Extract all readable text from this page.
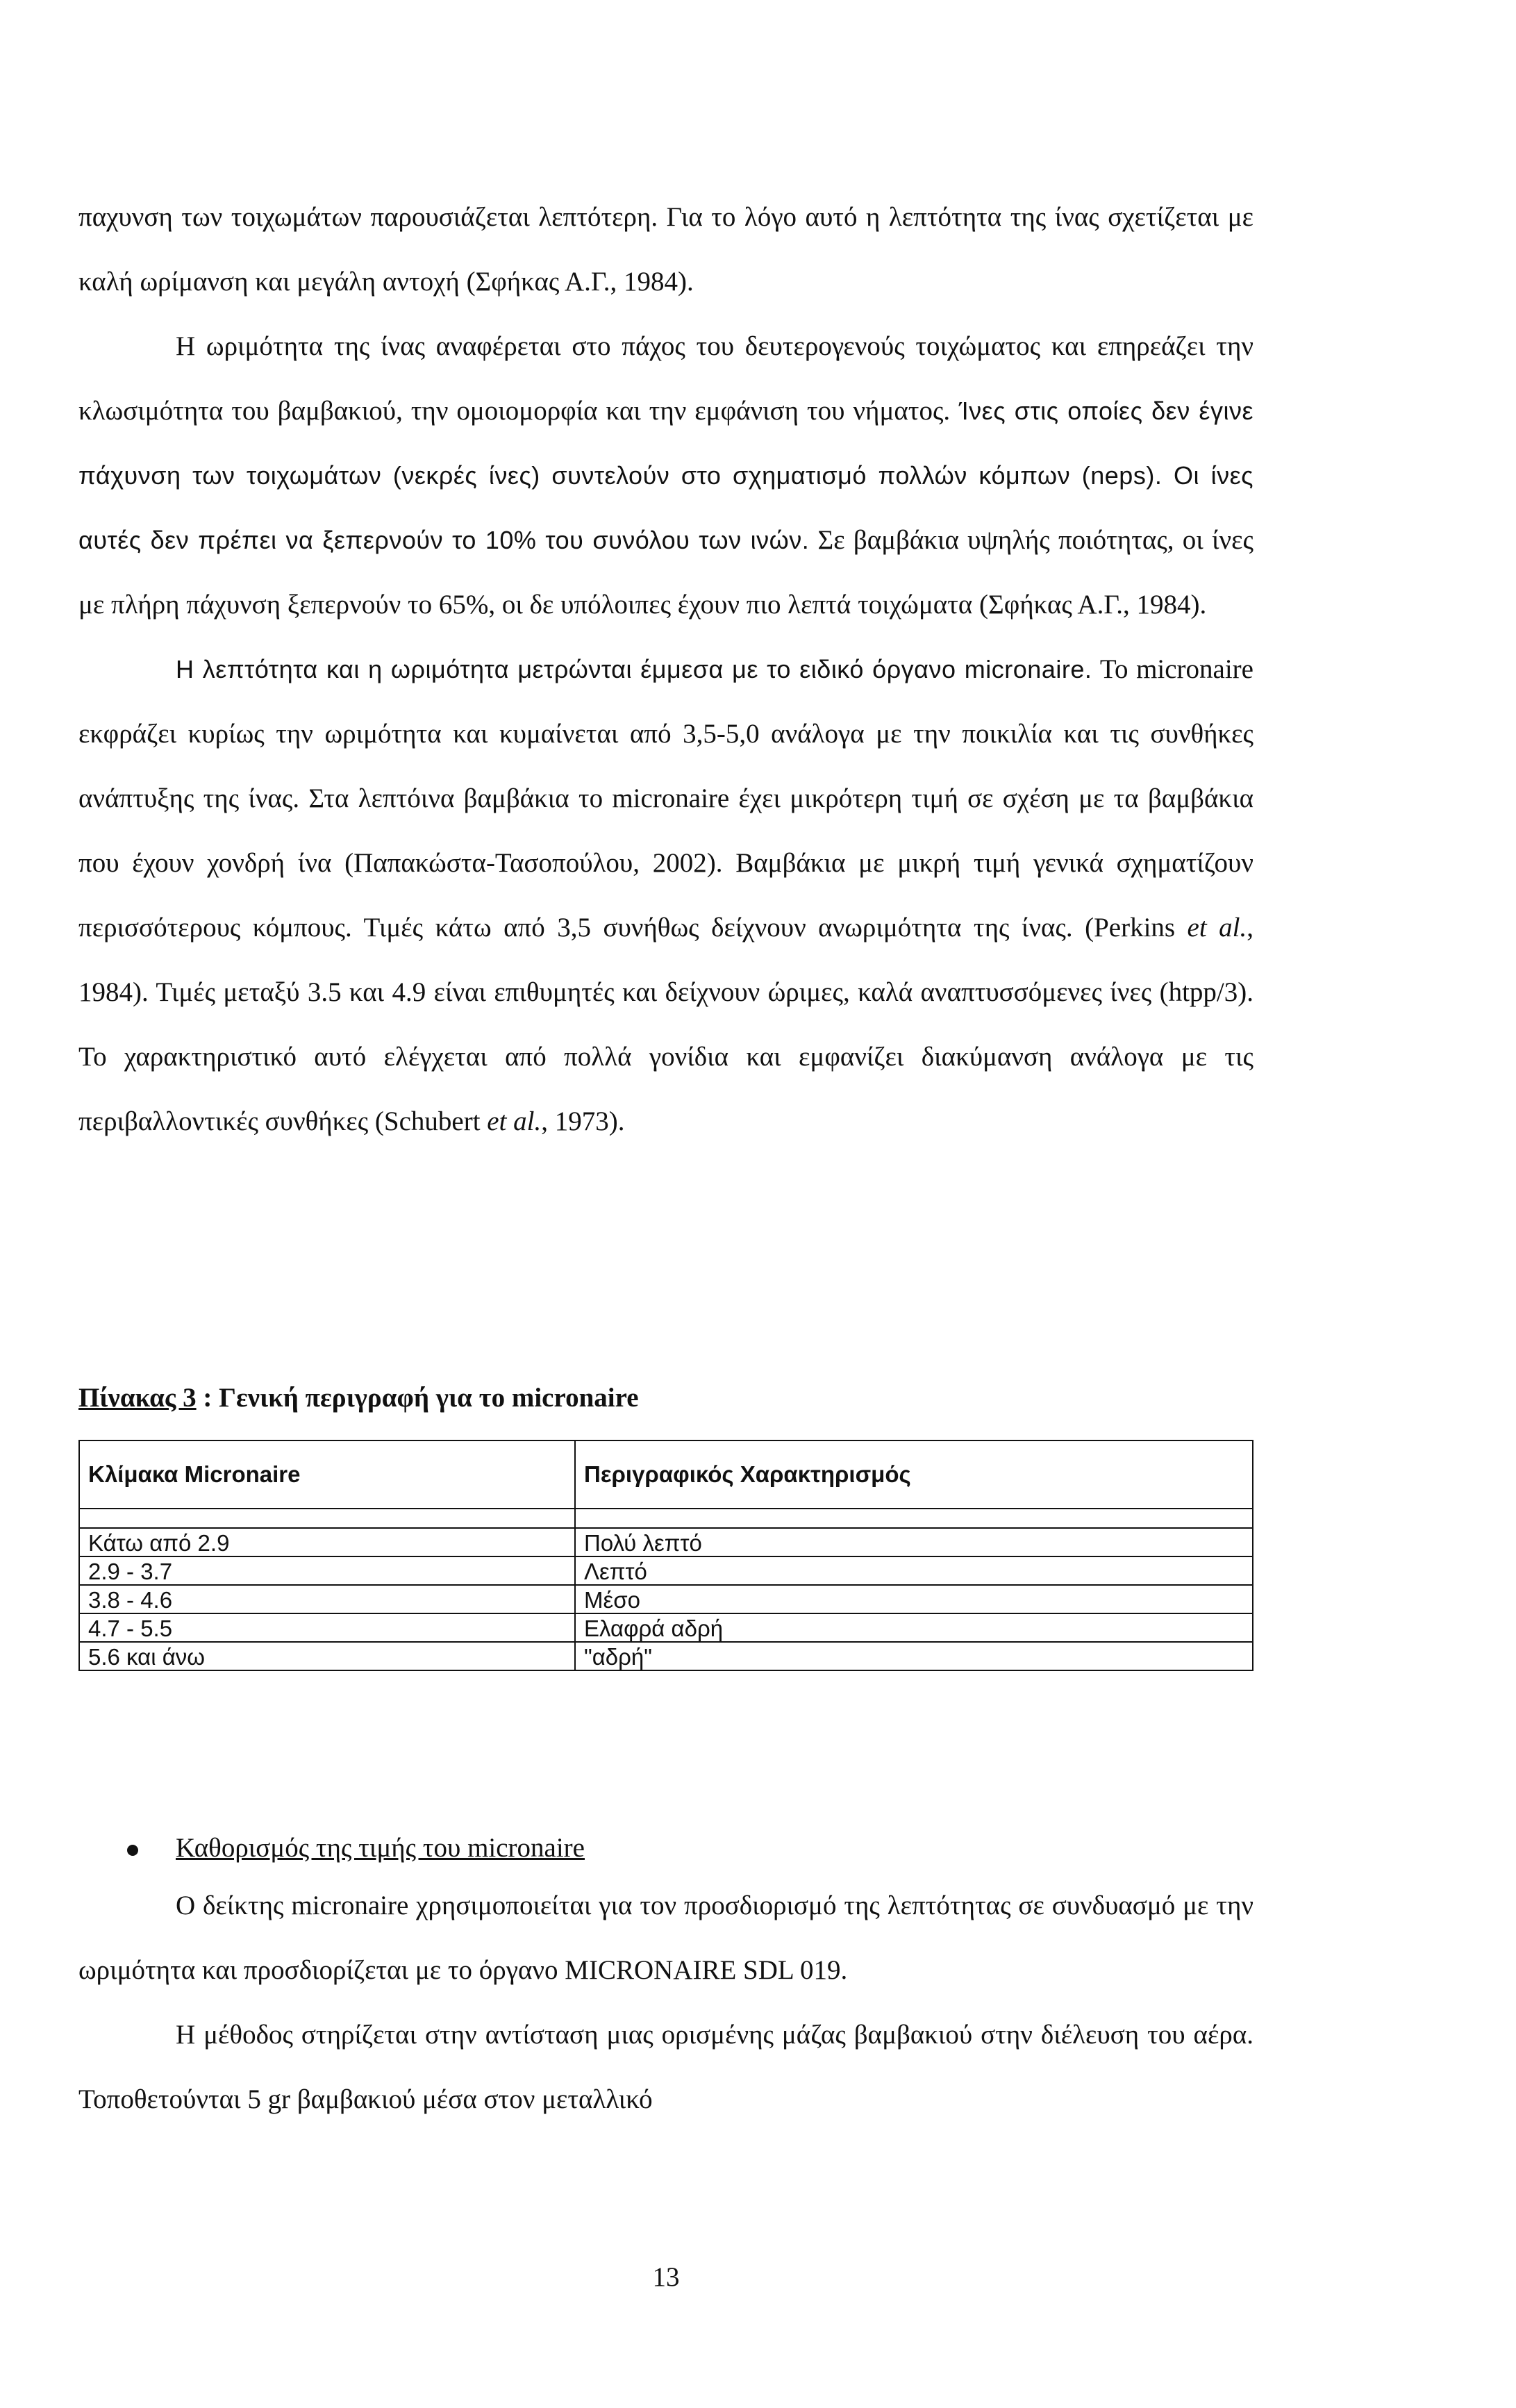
παχυνση των τοιχωμάτων παρουσιάζεται λεπτότερη. Για το λόγο αυτό η λεπτότητα της ίνας σχετίζεται με καλή ωρίμανση και μεγάλη αντοχή (Σφήκας Α.Γ., 1984).

Η ωριμότητα της ίνας αναφέρεται στο πάχος του δευτερογενούς τοιχώματος και επηρεάζει την κλωσιμότητα του βαμβακιού, την ομοιομορφία και την εμφάνιση του νήματος. Ίνες στις οποίες δεν έγινε πάχυνση των τοιχωμάτων (νεκρές ίνες) συντελούν στο σχηματισμό πολλών κόμπων (neps). Οι ίνες αυτές δεν πρέπει να ξεπερνούν το 10% του συνόλου των ινών. Σε βαμβάκια υψηλής ποιότητας, οι ίνες με πλήρη πάχυνση ξεπερνούν το 65%, οι δε υπόλοιπες έχουν πιο λεπτά τοιχώματα (Σφήκας Α.Γ., 1984).

Η λεπτότητα και η ωριμότητα μετρώνται έμμεσα με το ειδικό όργανο micronaire. Το micronaire εκφράζει κυρίως την ωριμότητα και κυμαίνεται από 3,5-5,0 ανάλογα με την ποικιλία και τις συνθήκες ανάπτυξης της ίνας. Στα λεπτόινα βαμβάκια το micronaire έχει μικρότερη τιμή σε σχέση με τα βαμβάκια που έχουν χονδρή ίνα (Παπακώστα-Τασοπούλου, 2002). Βαμβάκια με μικρή τιμή γενικά σχηματίζουν περισσότερους κόμπους. Τιμές κάτω από 3,5 συνήθως δείχνουν ανωριμότητα της ίνας. (Perkins et al., 1984). Τιμές μεταξύ 3.5 και 4.9 είναι επιθυμητές και δείχνουν ώριμες, καλά αναπτυσσόμενες ίνες (htpp/3). Το χαρακτηριστικό αυτό ελέγχεται από πολλά γονίδια και εμφανίζει διακύμανση ανάλογα με τις περιβαλλοντικές συνθήκες (Schubert et al., 1973).

Πίνακας 3 : Γενική περιγραφή για το micronaire

Κλίμακα Micronaire	Περιγραφικός Χαρακτηρισμός

Κάτω από 2.9	Πολύ λεπτό
2.9 - 3.7	Λεπτό
3.8 - 4.6	Μέσο
4.7 - 5.5	Ελαφρά αδρή
5.6 και άνω	"αδρή"

Καθορισμός της τιμής του micronaire

Ο δείκτης micronaire χρησιμοποιείται για τον προσδιορισμό της λεπτότητας σε συνδυασμό με την ωριμότητα και προσδιορίζεται με το όργανο MICRONAIRE SDL 019.

Η μέθοδος στηρίζεται στην αντίσταση μιας ορισμένης μάζας βαμβακιού στην διέλευση του αέρα. Τοποθετούνται 5 gr βαμβακιού μέσα στον μεταλλικό

13
